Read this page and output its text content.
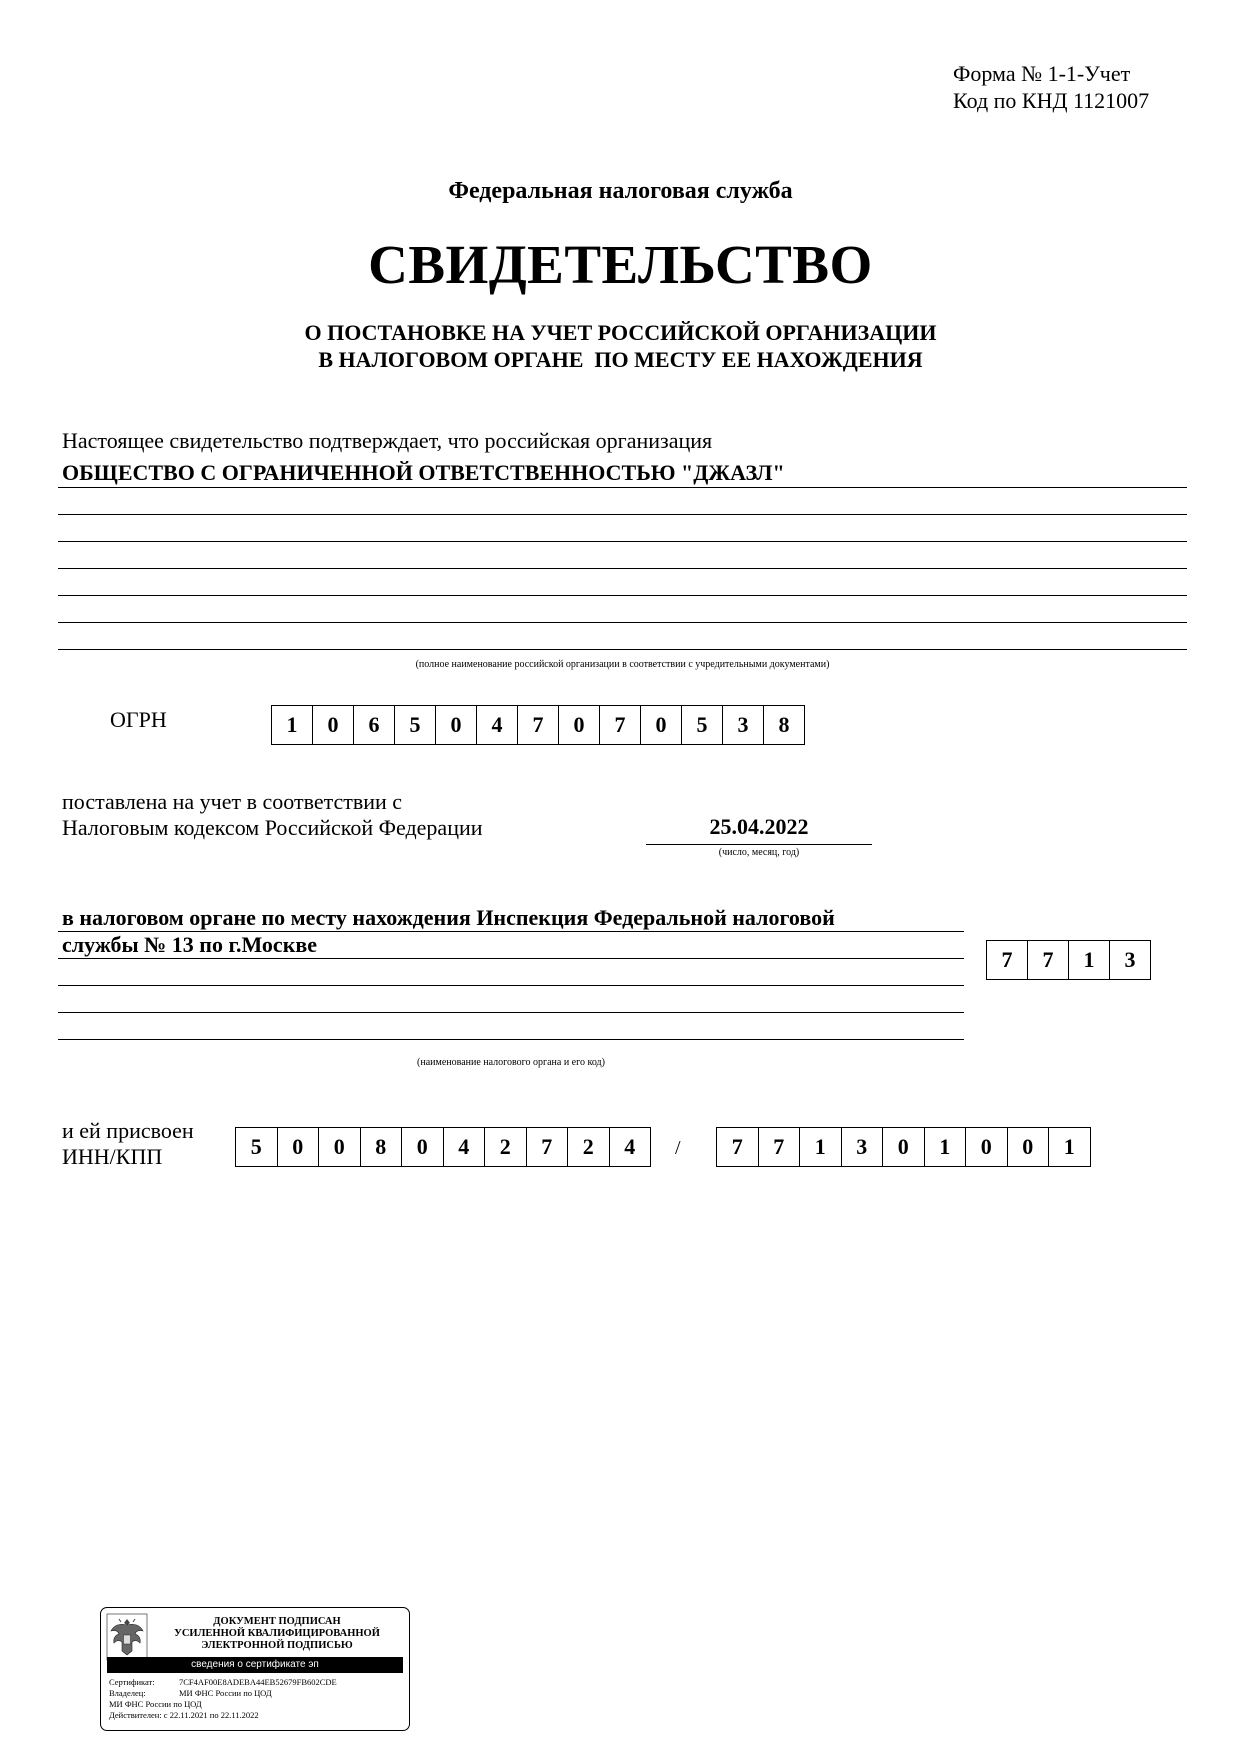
Форма № 1-1-Учет
Код по КНД 1121007
Федеральная налоговая служба
СВИДЕТЕЛЬСТВО
О ПОСТАНОВКЕ НА УЧЕТ РОССИЙСКОЙ ОРГАНИЗАЦИИ
В НАЛОГОВОМ ОРГАНЕ  ПО МЕСТУ ЕЕ НАХОЖДЕНИЯ
Настоящее свидетельство подтверждает, что российская организация
ОБЩЕСТВО С ОГРАНИЧЕННОЙ ОТВЕТСТВЕННОСТЬЮ "ДЖАЗЛ"
(полное наименование российской организации в соответствии с учредительными документами)
ОГРН	1	0	6	5	0	4	7	0	7	0	5	3	8
поставлена на учет в соответствии с
Налоговым кодексом Российской Федерации	25.04.2022
(число, месяц, год)
в налоговом органе по месту нахождения Инспекция Федеральной налоговой
службы № 13 по г.Москве
(наименование налогового органа и его код)
7	7	1	3
и ей присвоен
ИНН/КПП	5	0	0	8	0	4	2	7	2	4	/	7	7	1	3	0	1	0	0	1
ДОКУМЕНТ ПОДПИСАН
УСИЛЕННОЙ КВАЛИФИЦИРОВАННОЙ
ЭЛЕКТРОННОЙ ПОДПИСЬЮ
сведения о сертификате эп
Сертификат:	7CF4AF00E8ADEBA44EB52679FB602CDE
Владелец:	МИ ФНС России по ЦОД
МИ ФНС России по ЦОД
Действителен: с 22.11.2021 по 22.11.2022
